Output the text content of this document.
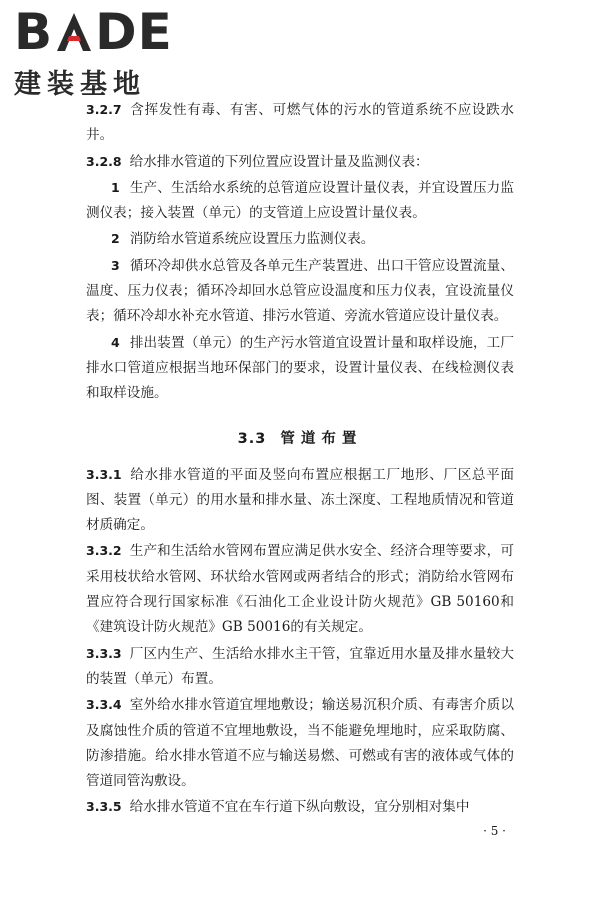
B DE
建装基地

3.2.7 含挥发性有毒、有害、可燃气体的污水的管道系统不应设跌水井。

3.2.8 给水排水管道的下列位置应设置计量及监测仪表：

1 生产、生活给水系统的总管道应设置计量仪表，并宜设置压力监测仪表；接入装置（单元）的支管道上应设置计量仪表。

2 消防给水管道系统应设置压力监测仪表。

3 循环冷却供水总管及各单元生产装置进、出口干管应设置流量、温度、压力仪表；循环冷却回水总管应设温度和压力仪表，宜设流量仪表；循环冷却水补充水管道、排污水管道、旁流水管道应设计量仪表。

4 排出装置（单元）的生产污水管道宜设置计量和取样设施，工厂排水口管道应根据当地环保部门的要求，设置计量仪表、在线检测仪表和取样设施。

3.3 管道布置

3.3.1 给水排水管道的平面及竖向布置应根据工厂地形、厂区总平面图、装置（单元）的用水量和排水量、冻土深度、工程地质情况和管道材质确定。

3.3.2 生产和生活给水管网布置应满足供水安全、经济合理等要求，可采用枝状给水管网、环状给水管网或两者结合的形式；消防给水管网布置应符合现行国家标准《石油化工企业设计防火规范》GB 50160和《建筑设计防火规范》GB 50016的有关规定。

3.3.3 厂区内生产、生活给水排水主干管，宜靠近用水量及排水量较大的装置（单元）布置。

3.3.4 室外给水排水管道宜埋地敷设；输送易沉积介质、有毒害介质以及腐蚀性介质的管道不宜埋地敷设，当不能避免埋地时，应采取防腐、防渗措施。给水排水管道不应与输送易燃、可燃或有害的液体或气体的管道同管沟敷设。

3.3.5 给水排水管道不宜在车行道下纵向敷设，宜分别相对集中

· 5 ·
